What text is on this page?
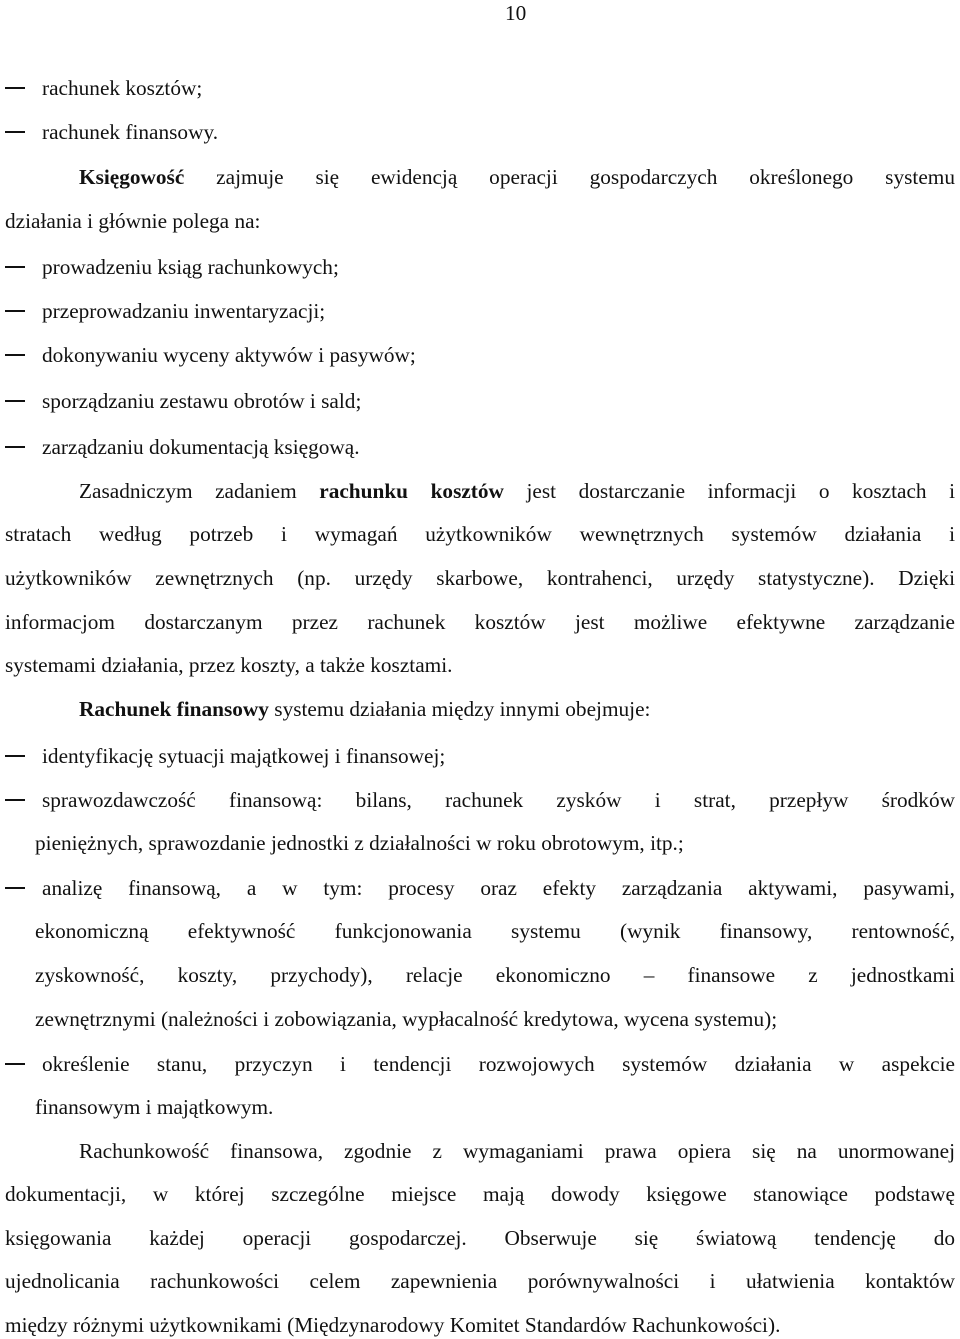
10
rachunek kosztów;
rachunek finansowy.
Księgowość zajmuje się ewidencją operacji gospodarczych określonego systemu
działania i głównie polega na:
prowadzeniu ksiąg rachunkowych;
przeprowadzaniu inwentaryzacji;
dokonywaniu wyceny aktywów i pasywów;
sporządzaniu zestawu obrotów i sald;
zarządzaniu dokumentacją księgową.
Zasadniczym zadaniem rachunku kosztów jest dostarczanie informacji o kosztach i
stratach według potrzeb i wymagań użytkowników wewnętrznych systemów działania i
użytkowników zewnętrznych (np. urzędy skarbowe, kontrahenci, urzędy statystyczne). Dzięki
informacjom dostarczanym przez rachunek kosztów jest możliwe efektywne zarządzanie
systemami działania, przez koszty, a także kosztami.
Rachunek finansowy systemu działania między innymi obejmuje:
identyfikację sytuacji majątkowej i finansowej;
sprawozdawczość finansową: bilans, rachunek zysków i strat, przepływ środków
pieniężnych, sprawozdanie jednostki z działalności w roku obrotowym, itp.;
analizę finansową, a w tym: procesy oraz efekty zarządzania aktywami, pasywami,
ekonomiczną efektywność funkcjonowania systemu (wynik finansowy, rentowność,
zyskowność, koszty, przychody), relacje ekonomiczno – finansowe z jednostkami
zewnętrznymi (należności i zobowiązania, wypłacalność kredytowa, wycena systemu);
określenie stanu, przyczyn i tendencji rozwojowych systemów działania w aspekcie
finansowym i majątkowym.
Rachunkowość finansowa, zgodnie z wymaganiami prawa opiera się na unormowanej
dokumentacji, w której szczególne miejsce mają dowody księgowe stanowiące podstawę
księgowania każdej operacji gospodarczej. Obserwuje się światową tendencję do
ujednolicania rachunkowości celem zapewnienia porównywalności i ułatwienia kontaktów
między różnymi użytkownikami (Międzynarodowy Komitet Standardów Rachunkowości).
